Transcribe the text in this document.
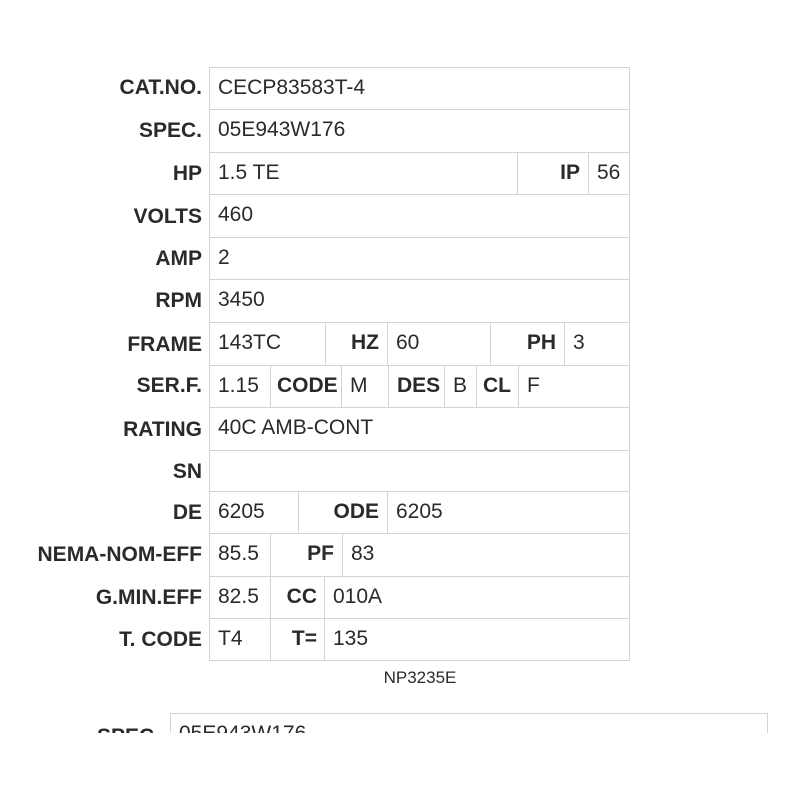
CAT.NO. CECP83583T-4
SPEC. 05E943W176
HP 1.5 TE	IP 56
VOLTS 460
AMP 2
RPM 3450
FRAME 143TC	HZ 60	PH 3
SER.F. 1.15 CODE M	DES B CL F
RATING 40C AMB-CONT
SN
DE 6205	ODE 6205
NEMA-NOM-EFF 85.5	PF 83
G.MIN.EFF 82.5	CC 010A
T. CODE T4	T= 135
NP3235E
